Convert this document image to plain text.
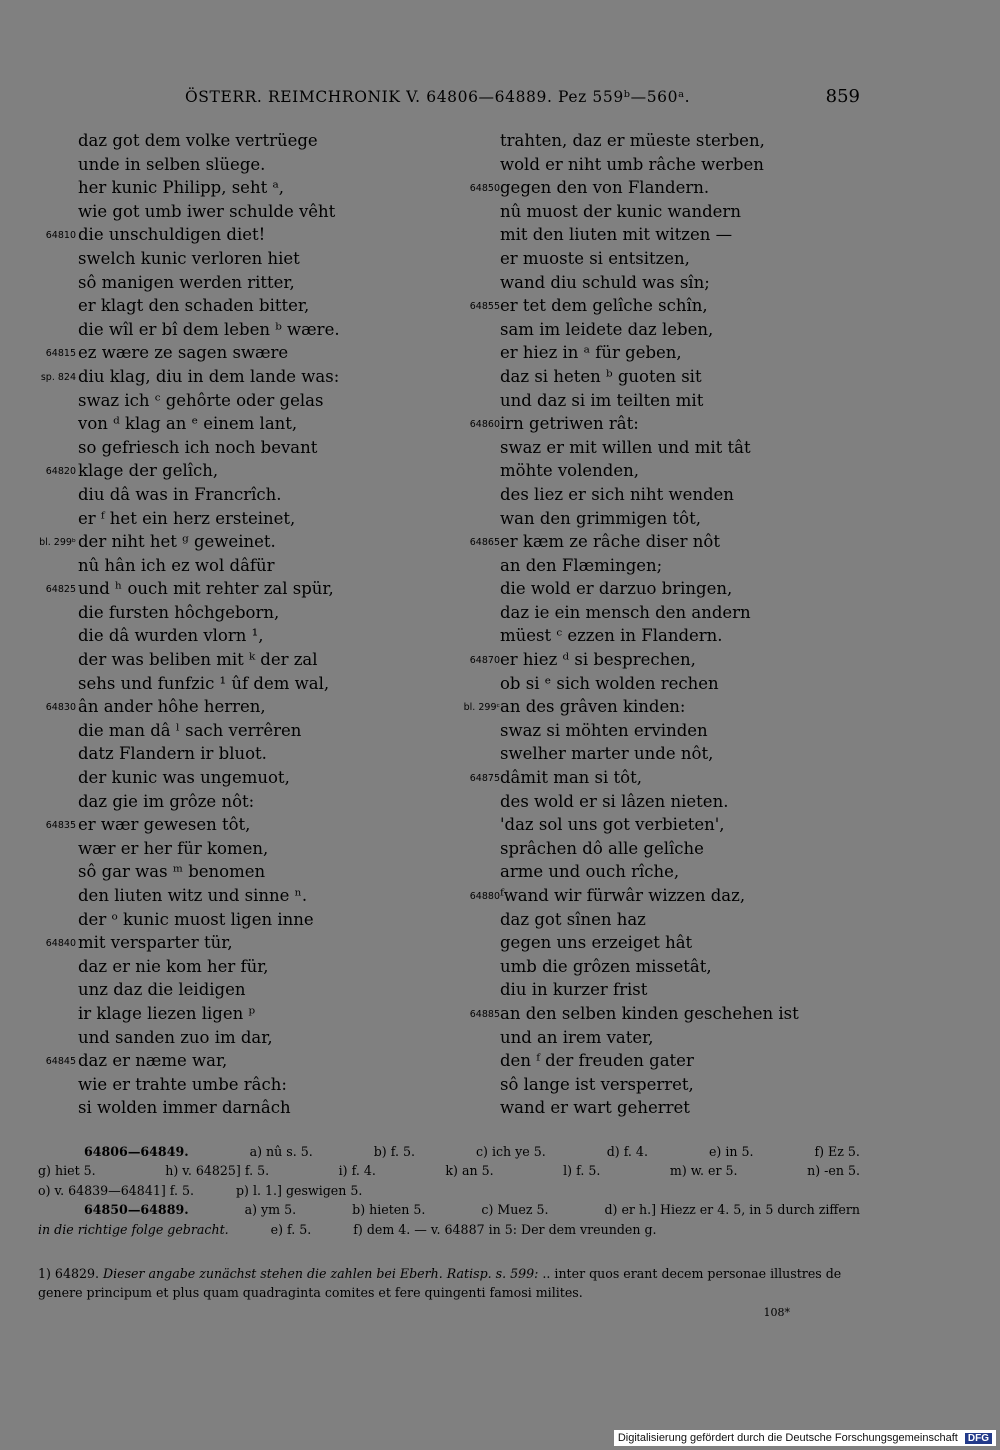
ÖSTERR. REIMCHRONIK V. 64806—64889. Pez 559ᵇ—560ᵃ.	859
daz got dem volke vertrüege
unde in selben slüege.
her kunic Philipp, seht ᵃ,
wie got umb iwer schulde vêht
64810 die unschuldigen diet!
swelch kunic verloren hiet
sô manigen werden ritter,
er klagt den schaden bitter,
die wîl er bî dem leben ᵇ wære.
64815 ez wære ze sagen swære
sp. 824 diu klag, diu in dem lande was:
swaz ich ᶜ gehôrte oder gelas
von ᵈ klag an ᵉ einem lant,
so gefriesch ich noch bevant
64820 klage der gelîch,
diu dâ was in Francrîch.
er ᶠ het ein herz ersteinet,
bl. 299ᵇ der niht het ᵍ geweinet.
nû hân ich ez wol dâfür
64825 und ʰ ouch mit rehter zal spür,
die fursten hôchgeborn,
die dâ wurden vlorn ¹,
der was beliben mit ᵏ der zal
sehs und funfzic ¹ ûf dem wal,
64830 ân ander hôhe herren,
die man dâ ˡ sach verrêren
datz Flandern ir bluot.
der kunic was ungemuot,
daz gie im grôze nôt:
64835 er wær gewesen tôt,
wær er her für komen,
sô gar was ᵐ benomen
den liuten witz und sinne ⁿ.
der ᵒ kunic muost ligen inne
64840 mit versparter tür,
daz er nie kom her für,
unz daz die leidigen
ir klage liezen ligen ᵖ
und sanden zuo im dar,
64845 daz er næme war,
wie er trahte umbe râch:
si wolden immer darnâch
trahten, daz er müeste sterben,
wold er niht umb râche werben
64850 gegen den von Flandern.
nû muost der kunic wandern
mit den liuten mit witzen —
er muoste si entsitzen,
wand diu schuld was sîn;
64855 er tet dem gelîche schîn,
sam im leidete daz leben,
er hiez in ᵃ für geben,
daz si heten ᵇ guoten sit
und daz si im teilten mit
64860 irn getriwen rât:
swaz er mit willen und mit tât
möhte volenden,
des liez er sich niht wenden
wan den grimmigen tôt,
64865 er kæm ze râche diser nôt
an den Flæmingen;
die wold er darzuo bringen,
daz ie ein mensch den andern
müest ᶜ ezzen in Flandern.
64870 er hiez ᵈ si besprechen,
ob si ᵉ sich wolden rechen
bl. 299ᶜ an des grâven kinden:
swaz si möhten ervinden
swelher marter unde nôt,
64875 dâmit man si tôt,
des wold er si lâzen nieten.
'daz sol uns got verbieten',
sprâchen dô alle gelîche
arme und ouch rîche,
64880 ᶠwand wir fürwâr wizzen daz,
daz got sînen haz
gegen uns erzeiget hât
umb die grôzen missetât,
diu in kurzer frist
64885 an den selben kinden geschehen ist
und an irem vater,
den ᶠ der freuden gater
sô lange ist versperret,
wand er wart geherret
64806—64849.	a) nû s. 5.	b) f. 5.	c) ich ye 5.	d) f. 4.	e) in 5.	f) Ez 5.
g) hiet 5.	h) v. 64825] f. 5.	i) f. 4.	k) an 5.	l) f. 5.	m) w. er 5.	n) -en 5.
o) v. 64839—64841] f. 5.	p) l. 1.] geswigen 5.
64850—64889.	a) ym 5.	b) hieten 5.	c) Muez 5.	d) er h.] Hiezz er 4. 5, in 5 durch ziffern
in die richtige folge gebracht.	e) f. 5.	f) dem 4. — v. 64887 in 5: Der dem vreunden g.
1) 64829. Dieser angabe zunächst stehen die zahlen bei Eberh. Ratisp. s. 599: .. inter quos erant decem personae illustres de genere principum et plus quam quadraginta comites et fere quingenti famosi milites.
108*
Digitalisierung gefördert durch die Deutsche Forschungsgemeinschaft DFG
